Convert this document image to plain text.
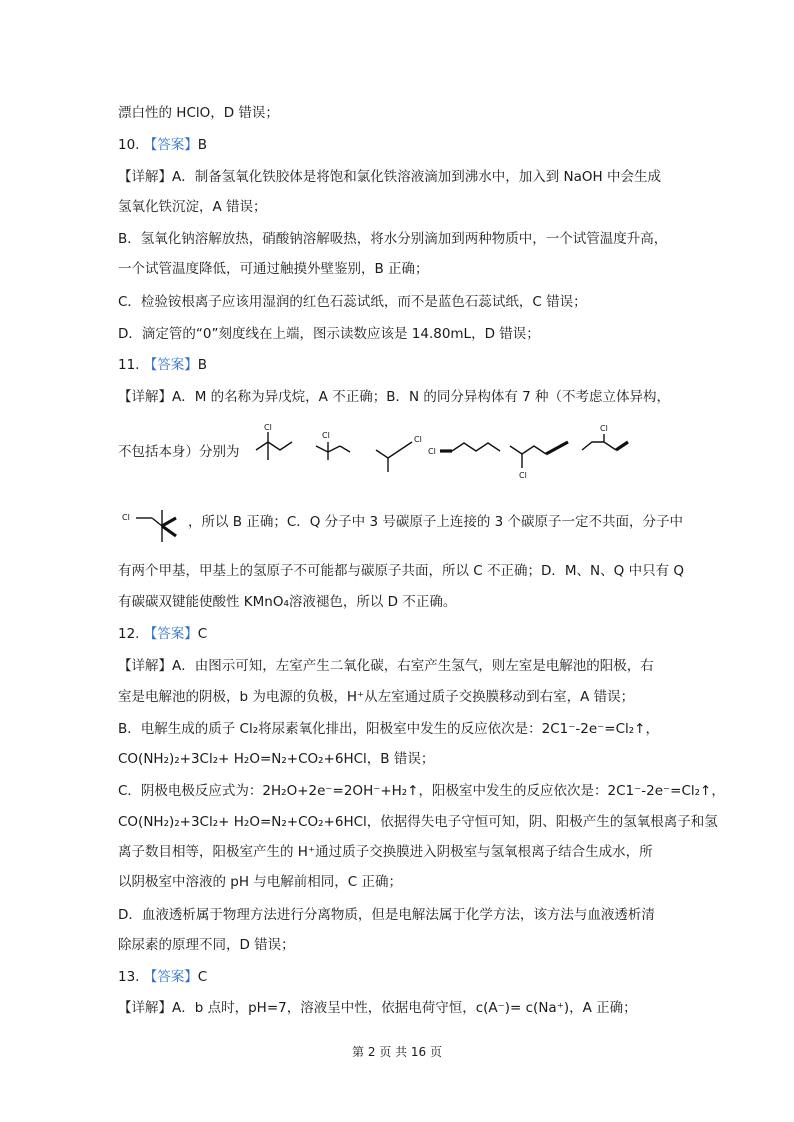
漂白性的 HClO，D 错误；
10. 【答案】B
【详解】A．制备氢氧化铁胶体是将饱和氯化铁溶液滴加到沸水中，加入到 NaOH 中会生成
氢氧化铁沉淀，A 错误；
B．氢氧化钠溶解放热，硝酸钠溶解吸热，将水分别滴加到两种物质中，一个试管温度升高，
一个试管温度降低，可通过触摸外壁鉴别，B 正确；
C．检验铵根离子应该用湿润的红色石蕊试纸，而不是蓝色石蕊试纸，C 错误；
D．滴定管的“0”刻度线在上端，图示读数应该是 14.80mL，D 错误；
11. 【答案】B
【详解】A．M 的名称为异戊烷，A 不正确；B．N 的同分异构体有 7 种（不考虑立体异构，
不包括本身）分别为
Cl
Cl	Cl
Cl
Cl
Cl
Cl	，所以 B 正确；C．Q 分子中 3 号碳原子上连接的 3 个碳原子一定不共面，分子中
有两个甲基，甲基上的氢原子不可能都与碳原子共面，所以 C 不正确；D．M、N、Q 中只有 Q
有碳碳双键能使酸性 KMnO₄溶液褪色，所以 D 不正确。
12. 【答案】C
【详解】A．由图示可知，左室产生二氧化碳，右室产生氢气，则左室是电解池的阳极，右
室是电解池的阴极，b 为电源的负极，H⁺从左室通过质子交换膜移动到右室，A 错误；
B．电解生成的质子 Cl₂将尿素氧化排出，阳极室中发生的反应依次是：2C1⁻-2e⁻=Cl₂↑，
CO(NH₂)₂+3Cl₂+ H₂O=N₂+CO₂+6HCl，B 错误；
C．阴极电极反应式为：2H₂O+2e⁻=2OH⁻+H₂↑，阳极室中发生的反应依次是：2C1⁻-2e⁻=Cl₂↑，
CO(NH₂)₂+3Cl₂+ H₂O=N₂+CO₂+6HCl，依据得失电子守恒可知，阴、阳极产生的氢氧根离子和氢
离子数目相等，阳极室产生的 H⁺通过质子交换膜进入阴极室与氢氧根离子结合生成水，所
以阴极室中溶液的 pH 与电解前相同，C 正确；
D．血液透析属于物理方法进行分离物质，但是电解法属于化学方法，该方法与血液透析清
除尿素的原理不同，D 错误；
13. 【答案】C
【详解】A．b 点时，pH=7，溶液呈中性，依据电荷守恒，c(A⁻)= c(Na⁺)，A 正确；
第 2 页 共 16 页
